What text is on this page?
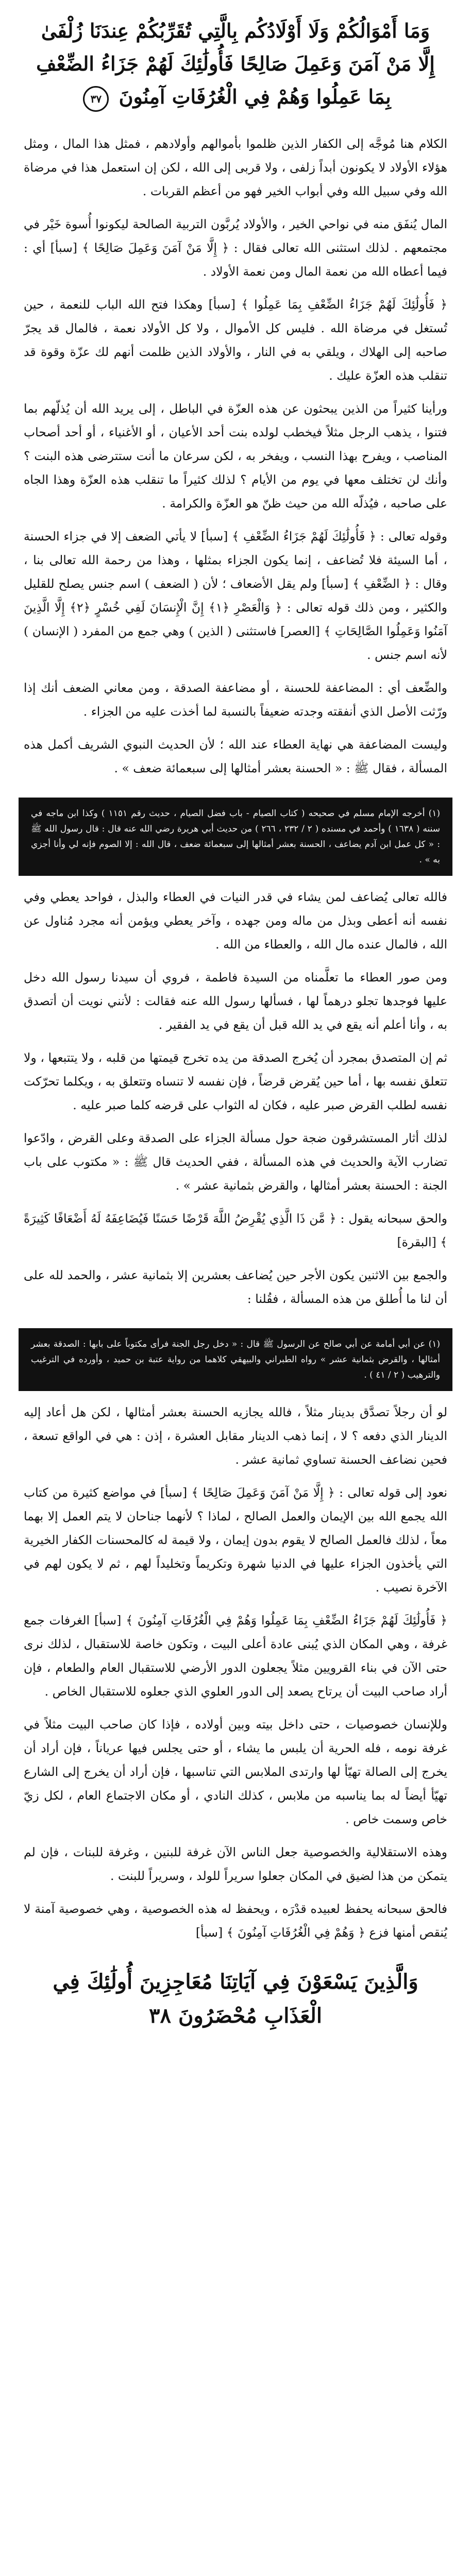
وَمَا أَمْوَالُكُمْ وَلَا أَوْلَادُكُم بِالَّتِي تُقَرِّبُكُمْ عِندَنَا زُلْفَىٰ إِلَّا مَنْ آمَنَ وَعَمِلَ صَالِحًا فَأُولَٰئِكَ لَهُمْ جَزَاءُ الضِّعْفِ بِمَا عَمِلُوا وَهُمْ فِي الْغُرُفَاتِ آمِنُونَ ٣٧
الكلام هنا مُوجَّه إلى الكفار الذين ظلموا بأموالهم وأولادهم ، فمثل هذا المال ، ومثل هؤلاء الأولاد لا يكونون أبداً زلفى ، ولا قربى إلى الله ، لكن إن استعمل هذا في مرضاة الله وفي سبيل الله وفي أبواب الخير فهو من أعظم القربات .
المال يُنفَق منه في نواحي الخير ، والأولاد يُربَّون التربية الصالحة ليكونوا أُسوة خَيْر في مجتمعهم . لذلك استثنى الله تعالى فقال : ﴿ إِلَّا مَنْ آمَنَ وَعَمِلَ صَالِحًا ﴾ [سبأ] أي : فيما أعطاه الله من نعمة المال ومن نعمة الأولاد .
﴿ فَأُولَٰئِكَ لَهُمْ جَزَاءُ الضِّعْفِ بِمَا عَمِلُوا ﴾ [سبأ] وهكذا فتح الله الباب للنعمة ، حين تُستغل في مرضاة الله . فليس كل الأموال ، ولا كل الأولاد نعمة ، فالمال قد يجرّ صاحبه إلى الهلاك ، ويلقي به في النار ، والأولاد الذين ظلمت أنهم لك عزّة وقوة قد تنقلب هذه العزّة عليك .
ورأينا كثيراً من الذين يبحثون عن هذه العزّة في الباطل ، إلى يريد الله أن يُذلّهم بما فتنوا ، يذهب الرجل مثلاً فيخطب لولده بنت أحد الأعيان ، أو الأغنياء ، أو أحد أصحاب المناصب ، ويفرح بهذا النسب ، ويفخر به ، لكن سرعان ما أنت ستترضى هذه البنت ؟ وأنك لن تختلف معها في يوم من الأيام ؟ لذلك كثيراً ما تنقلب هذه العزّة وهذا الجاه على صاحبه ، فيُذلّه الله من حيث ظنّ هو العزّة والكرامة .
وقوله تعالى : ﴿ فَأُولَٰئِكَ لَهُمْ جَزَاءُ الضِّعْفِ ﴾ [سبأ] لا يأتي الضعف إلا في جزاء الحسنة ، أما السيئة فلا تُضاعف ، إنما يكون الجزاء بمثلها ، وهذا من رحمة الله تعالى بنا ، وقال : ﴿ الضِّعْفِ ﴾ [سبأ] ولم يقل الأضعاف ؛ لأن ( الضعف ) اسم جنس يصلح للقليل والكثير ، ومن ذلك قوله تعالى : ﴿ وَالْعَصْرِ ﴿١﴾ إِنَّ الْإِنسَانَ لَفِي خُسْرٍ ﴿٢﴾ إِلَّا الَّذِينَ آمَنُوا وَعَمِلُوا الصَّالِحَاتِ ﴾ [العصر] فاستثنى ( الذين ) وهي جمع من المفرد ( الإنسان ) لأنه اسم جنس .
والضِّعف أي : المضاعفة للحسنة ، أو مضاعفة الصدقة ، ومن معاني الضعف أنك إذا ورّثت الأصل الذي أنفقته وجدته ضعيفاً بالنسبة لما أخذت عليه من الجزاء .
وليست المضاعفة هي نهاية العطاء عند الله ؛ لأن الحديث النبوي الشريف أكمل هذه المسألة ، فقال ﷺ : « الحسنة بعشر أمثالها إلى سبعمائة ضعف » .
(١) أخرجه الإمام مسلم في صحيحه ( كتاب الصيام - باب فضل الصيام ، حديث رقم ١١٥١ ) وكذا ابن ماجه في سننه ( ١٦٣٨ ) وأحمد في مسنده ( ٢ / ٢٣٢ ، ٢٦٦ ) من حديث أبي هريرة رضي الله عنه قال : قال رسول الله ﷺ : « كل عمل ابن آدم يضاعف ، الحسنة بعشر أمثالها إلى سبعمائة ضعف ، قال الله : إلا الصوم فإنه لي وأنا أجزي به » .
فالله تعالى يُضاعف لمن يشاء في قدر النيات في العطاء والبذل ، فواحد يعطي وفي نفسه أنه أعطى وبذل من ماله ومن جهده ، وآخر يعطي ويؤمن أنه مجرد مُناول عن الله ، فالمال عنده مال الله ، والعطاء من الله .
ومن صور العطاء ما تعلَّمناه من السيدة فاطمة ، فروي أن سيدنا رسول الله دخل عليها فوجدها تجلو درهماً لها ، فسألها رسول الله عنه فقالت : لأنني نويت أن أتصدق به ، وأنا أعلم أنه يقع في يد الله قبل أن يقع في يد الفقير .
ثم إن المتصدق بمجرد أن يُخرج الصدقة من يده تخرج قيمتها من قلبه ، ولا يتتبعها ، ولا تتعلق نفسه بها ، أما حين يُقرض قرضاً ، فإن نفسه لا تنساه وتتعلق به ، ويكلما تحرّكت نفسه لطلب القرض صبر عليه ، فكان له الثواب على قرضه كلما صبر عليه .
لذلك أثار المستشرقون ضجة حول مسألة الجزاء على الصدقة وعلى القرض ، وادّعوا تضارب الآية والحديث في هذه المسألة ، ففي الحديث قال ﷺ : « مكتوب على باب الجنة : الحسنة بعشر أمثالها ، والقرض بثمانية عشر » .
والحق سبحانه يقول : ﴿ مَّن ذَا الَّذِي يُقْرِضُ اللَّهَ قَرْضًا حَسَنًا فَيُضَاعِفَهُ لَهُ أَضْعَافًا كَثِيرَةً ﴾ [البقرة]
والجمع بين الاثنين يكون الأجر حين يُضاعف بعشرين إلا بثمانية عشر ، والحمد لله على أن لنا ما أُطلق من هذه المسألة ، فقُلنا :
(١) عن أبي أمامة عن أبي صالح عن الرسول ﷺ قال : « دخل رجل الجنة فرأى مكتوباً على بابها : الصدقة بعشر أمثالها ، والقرض بثمانية عشر » رواه الطبراني والبيهقي كلاهما من رواية عتبة بن حميد ، وأورده في الترغيب والترهيب ( ٢ / ٤١ ) .
لو أن رجلاً تصدَّق بدينار مثلاً ، فالله يجازيه الحسنة بعشر أمثالها ، لكن هل أعاد إليه الدينار الذي دفعه ؟ لا ، إنما ذهب الدينار مقابل العشرة ، إذن : هي في الواقع تسعة ، فحين نضاعف الحسنة تساوي ثمانية عشر .
نعود إلى قوله تعالى : ﴿ إِلَّا مَنْ آمَنَ وَعَمِلَ صَالِحًا ﴾ [سبأ] في مواضع كثيرة من كتاب الله يجمع الله بين الإيمان والعمل الصالح ، لماذا ؟ لأنهما جناحان لا يتم العمل إلا بهما معاً ، لذلك فالعمل الصالح لا يقوم بدون إيمان ، ولا قيمة له كالمحسنات الكفار الخيرية التي يأخذون الجزاء عليها في الدنيا شهرة وتكريماً وتخليداً لهم ، ثم لا يكون لهم في الآخرة نصيب .
﴿ فَأُولَٰئِكَ لَهُمْ جَزَاءُ الضِّعْفِ بِمَا عَمِلُوا وَهُمْ فِي الْغُرُفَاتِ آمِنُونَ ﴾ [سبأ] الغرفات جمع غرفة ، وهي المكان الذي يُبنى عادة أعلى البيت ، وتكون خاصة للاستقبال ، لذلك نرى حتى الآن في بناء القرويين مثلاً يجعلون الدور الأرضي للاستقبال العام والطعام ، فإن أراد صاحب البيت أن يرتاح يصعد إلى الدور العلوي الذي جعلوه للاستقبال الخاص .
وللإنسان خصوصيات ، حتى داخل بيته وبين أولاده ، فإذا كان صاحب البيت مثلاً في غرفة نومه ، فله الحرية أن يلبس ما يشاء ، أو حتى يجلس فيها عرياناً ، فإن أراد أن يخرج إلى الصالة تهيّأ لها وارتدى الملابس التي تناسبها ، فإن أراد أن يخرج إلى الشارع تهيّأ أيضاً له بما يناسبه من ملابس ، كذلك النادي ، أو مكان الاجتماع العام ، لكل زيّ خاص وسمت خاص .
وهذه الاستقلالية والخصوصية جعل الناس الآن غرفة للبنين ، وغرفة للبنات ، فإن لم يتمكن من هذا لضيق في المكان جعلوا سريراً للولد ، وسريراً للبنت .
فالحق سبحانه يحفظ لعبيده قدْرَه ، ويحفظ له هذه الخصوصية ، وهي خصوصية آمنة لا يُنقص أمنها فزع ﴿ وَهُمْ فِي الْغُرُفَاتِ آمِنُونَ ﴾ [سبأ]
وَالَّذِينَ يَسْعَوْنَ فِي آيَاتِنَا مُعَاجِزِينَ أُولَٰئِكَ فِي الْعَذَابِ مُحْضَرُونَ ٣٨
